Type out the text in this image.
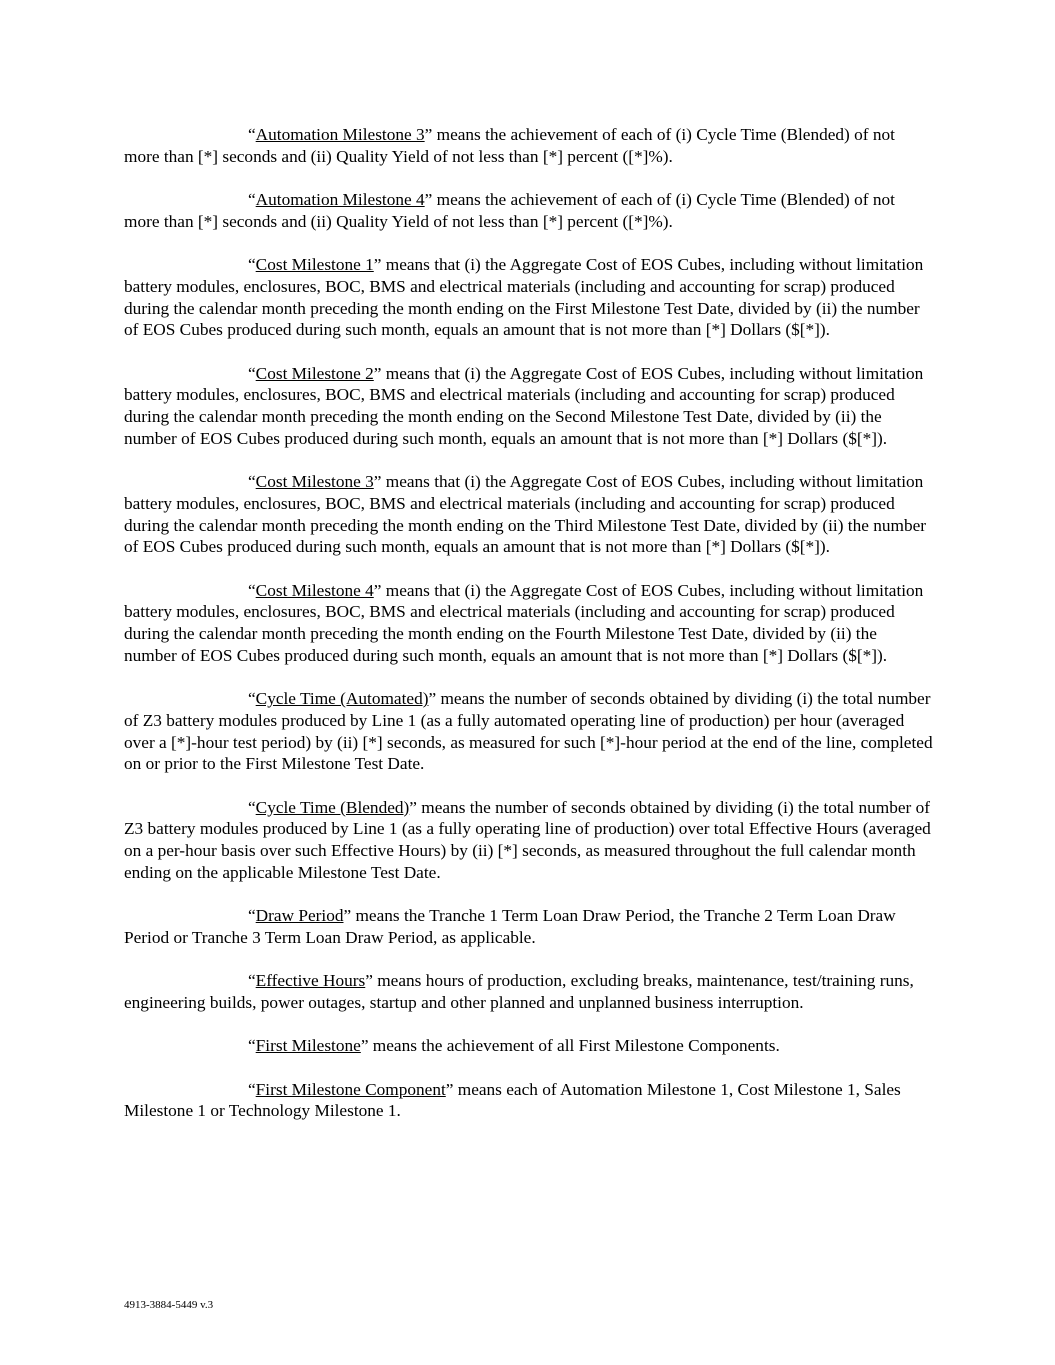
“Automation Milestone 3” means the achievement of each of (i) Cycle Time (Blended) of not more than [*] seconds and (ii) Quality Yield of not less than [*] percent ([*]%).

“Automation Milestone 4” means the achievement of each of (i) Cycle Time (Blended) of not more than [*] seconds and (ii) Quality Yield of not less than [*] percent ([*]%).

“Cost Milestone 1” means that (i) the Aggregate Cost of EOS Cubes, including without limitation battery modules, enclosures, BOC, BMS and electrical materials (including and accounting for scrap) produced during the calendar month preceding the month ending on the First Milestone Test Date, divided by (ii) the number of EOS Cubes produced during such month, equals an amount that is not more than [*] Dollars ($[*]).

“Cost Milestone 2” means that (i) the Aggregate Cost of EOS Cubes, including without limitation battery modules, enclosures, BOC, BMS and electrical materials (including and accounting for scrap) produced during the calendar month preceding the month ending on the Second Milestone Test Date, divided by (ii) the number of EOS Cubes produced during such month, equals an amount that is not more than [*] Dollars ($[*]).

“Cost Milestone 3” means that (i) the Aggregate Cost of EOS Cubes, including without limitation battery modules, enclosures, BOC, BMS and electrical materials (including and accounting for scrap) produced during the calendar month preceding the month ending on the Third Milestone Test Date, divided by (ii) the number of EOS Cubes produced during such month, equals an amount that is not more than [*] Dollars ($[*]).

“Cost Milestone 4” means that (i) the Aggregate Cost of EOS Cubes, including without limitation battery modules, enclosures, BOC, BMS and electrical materials (including and accounting for scrap) produced during the calendar month preceding the month ending on the Fourth Milestone Test Date, divided by (ii) the number of EOS Cubes produced during such month, equals an amount that is not more than [*] Dollars ($[*]).

“Cycle Time (Automated)” means the number of seconds obtained by dividing (i) the total number of Z3 battery modules produced by Line 1 (as a fully automated operating line of production) per hour (averaged over a [*]-hour test period) by (ii) [*] seconds, as measured for such [*]-hour period at the end of the line, completed on or prior to the First Milestone Test Date.

“Cycle Time (Blended)” means the number of seconds obtained by dividing (i) the total number of Z3 battery modules produced by Line 1 (as a fully operating line of production) over total Effective Hours (averaged on a per-hour basis over such Effective Hours) by (ii) [*] seconds, as measured throughout the full calendar month ending on the applicable Milestone Test Date.

“Draw Period” means the Tranche 1 Term Loan Draw Period, the Tranche 2 Term Loan Draw Period or Tranche 3 Term Loan Draw Period, as applicable.

“Effective Hours” means hours of production, excluding breaks, maintenance, test/training runs, engineering builds, power outages, startup and other planned and unplanned business interruption.

“First Milestone” means the achievement of all First Milestone Components.

“First Milestone Component” means each of Automation Milestone 1, Cost Milestone 1, Sales Milestone 1 or Technology Milestone 1.

4913-3884-5449 v.3
